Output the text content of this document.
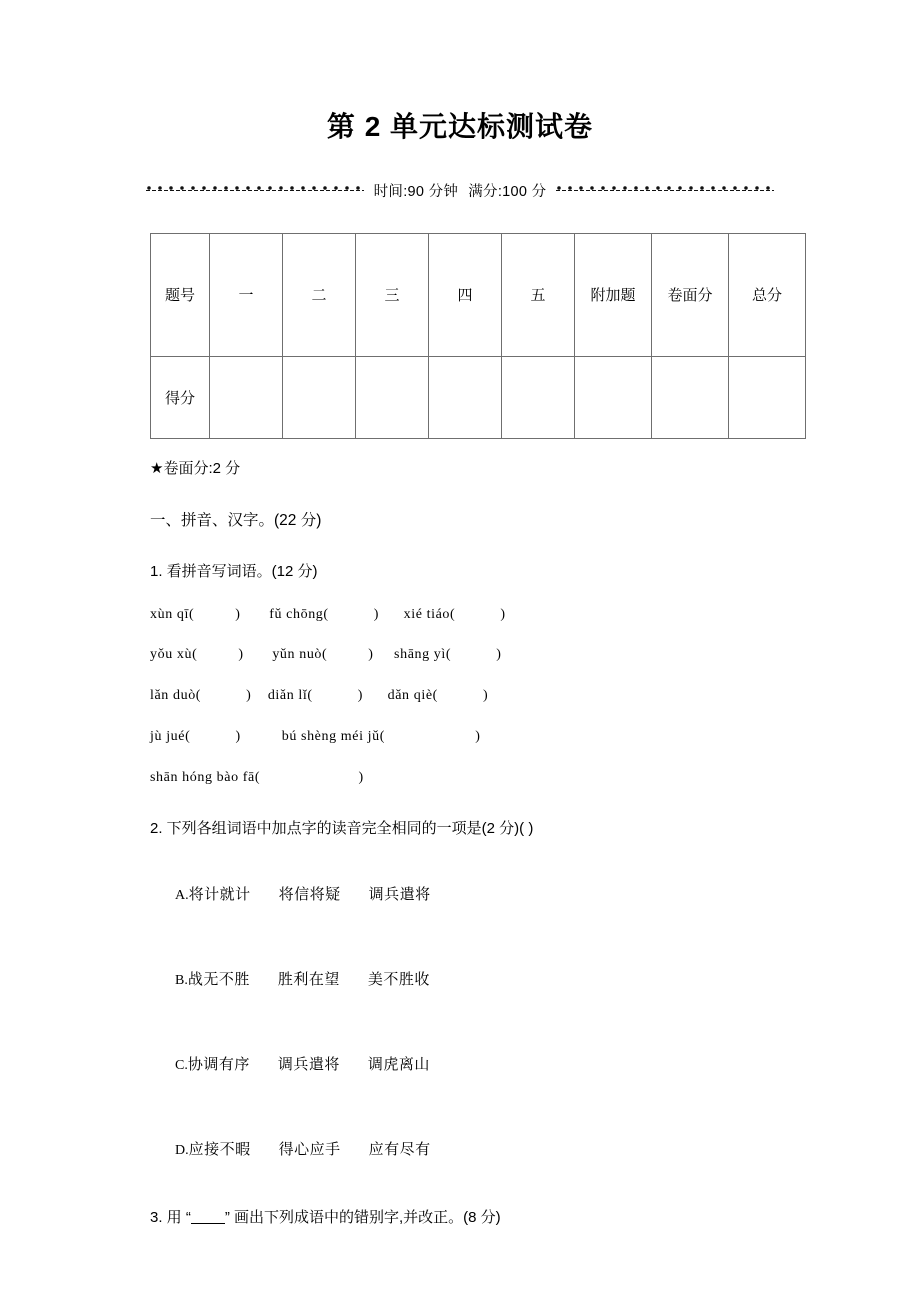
第 2 单元达标测试卷
时间:90 分钟 满分:100 分
题号	一	二	三	四	五	附加题	卷面分	总分
得分								
★卷面分:2 分
一、拼音、汉字。(22 分)
1. 看拼音写词语。(12 分)
xùn qī(          )       fǔ chōng(           )      xié tiáo(           )
yǒu xù(          )       yǔn nuò(          )     shāng yì(           )
lǎn duò(           )    diǎn lǐ(           )      dǎn qiè(           )
jù jué(           )          bú shèng méi jǔ(                      )
shān hóng bào fā(                        )
2. 下列各组词语中加点字的读音完全相同的一项是(2 分)( )

A.将计就计      将信将疑      调兵遣将

B.战无不胜      胜利在望      美不胜收

C.协调有序      调兵遣将      调虎离山

D.应接不暇      得心应手      应有尽有

3. 用 “ ” 画出下列成语中的错别字,并改正。(8 分)
